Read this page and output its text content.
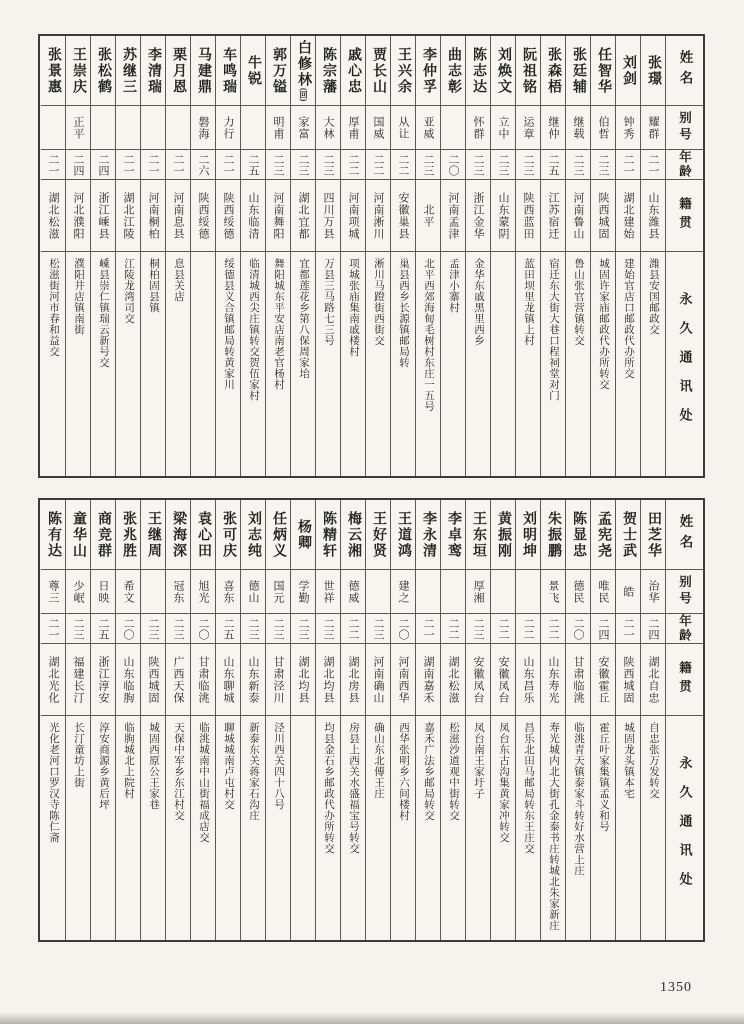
姓名
别号
年龄
籍贯
永久通讯处
张璟
耀群
二一
山东潍县
潍县安国邮政交
刘剑
钟秀
二一
湖北建始
建始官店口邮政代办所交
任智华
伯哲
二三
陕西城固
城固许家庙邮政代办所转交
张廷辅
继载
二三
河南鲁山
鲁山张官营镇转交
张森梧
继仲
二五
江苏宿迁
宿迁东大街大巷口程祠堂对门
阮祖铭
运章
二三
陕西蓝田
蓝田坝里龙镇上村
刘焕文
立中
二三
山东蒙阴
陈志达
怀群
二三
浙江金华
金华东戚黑里西乡
曲志彰
二〇
河南孟津
孟津小寨村
李仲孚
亚威
二三
北平
北平西郊海甸毛树村东庄一五号
王兴余
从让
二二
安徽巢县
巢县西乡长源镇邮局转
贾长山
国威
二二
河南淅川
淅川马蹬街西街交
戚心忠
厚甫
二二
河南项城
项城张庙集南戚楼村
陈宗藩
大林
二三
四川万县
万县三马路七三号
白修林(回)
家富
二三
湖北宜都
宜都莲花乡第八保周家坮
郭万镒
明甫
二三
河南舞阳
舞阳城东平安店南老官杨村
牛锐
二五
山东临清
临清城西尖庄镇转交贺伍家村
车鸣瑞
力行
二一
陕西绥德
绥德县义合镇邮局转黄家川
马建鼎
磐海
二六
陕西绥德
栗月恩
二一
河南息县
息县关店
李清瑞
二一
河南桐柏
桐柏固县镇
苏继三
二一
湖北江陵
江陵龙湾司交
张松鹤
二四
浙江嵊县
嵊县崇仁镇瑞云新号交
王崇庆
正平
二四
河北濮阳
濮阳井店镇南街
张景惠
二一
湖北松滋
松滋街河市春和益交
姓名
别号
年龄
籍贯
永久通讯处
田芝华
治华
二四
湖北自忠
自忠张万发转交
贺士武
皓
二一
陕西城固
城固龙头镇本宅
孟宪尧
唯民
二四
安徽霍丘
霍丘叶家集镇孟义和号
陈显忠
德民
二〇
甘肃临洮
临洮青天镇泰家斗转好水营上庄
朱振鹏
景飞
二二
山东寿光
寿光城内北大街孔金泰书庄转城北朱家新庄
刘明坤
二二
山东昌乐
昌乐北田马邮局转东王庄交
黄振刚
二二
安徽凤台
凤台东古沟集黄家冲转交
王东垣
厚湘
二三
安徽凤台
凤台南王家圩子
李卓鸾
二二
湖北松滋
松滋沙道观中街转交
李永清
二一
湖南嘉禾
嘉禾广法乡邮局转交
王道鸿
建之
二〇
河南西华
西华张明乡六间楼村
王好贤
二三
河南确山
确山东北傅王庄
梅云湘
德威
二二
湖北房县
房县上西关水盛福宝号转交
陈精轩
世祥
二三
湖北均县
均县金石乡邮政代办所转交
杨卿
学勤
二三
湖北均县
任炳义
国元
二三
甘肃泾川
泾川西关四十八号
刘志纯
德山
二三
山东新泰
新泰东关蒋家石沟庄
张可庆
喜东
二五
山东聊城
聊城城南卢屯村交
袁心田
旭光
二〇
甘肃临洮
临洮城南中山街福成店交
梁海深
冠东
二三
广西天保
天保中军乡东江村交
王继周
二三
陕西城固
城固西原公王家巷
张兆胜
希文
二〇
山东临朐
临朐城北上院村
商竞群
日映
二五
浙江淳安
淳安商源乡黄后坪
童华山
少岷
二三
福建长汀
长汀童坊上街
陈有达
尊三
二一
湖北光化
光化老河口罗汉寺陈仁斋
1350
